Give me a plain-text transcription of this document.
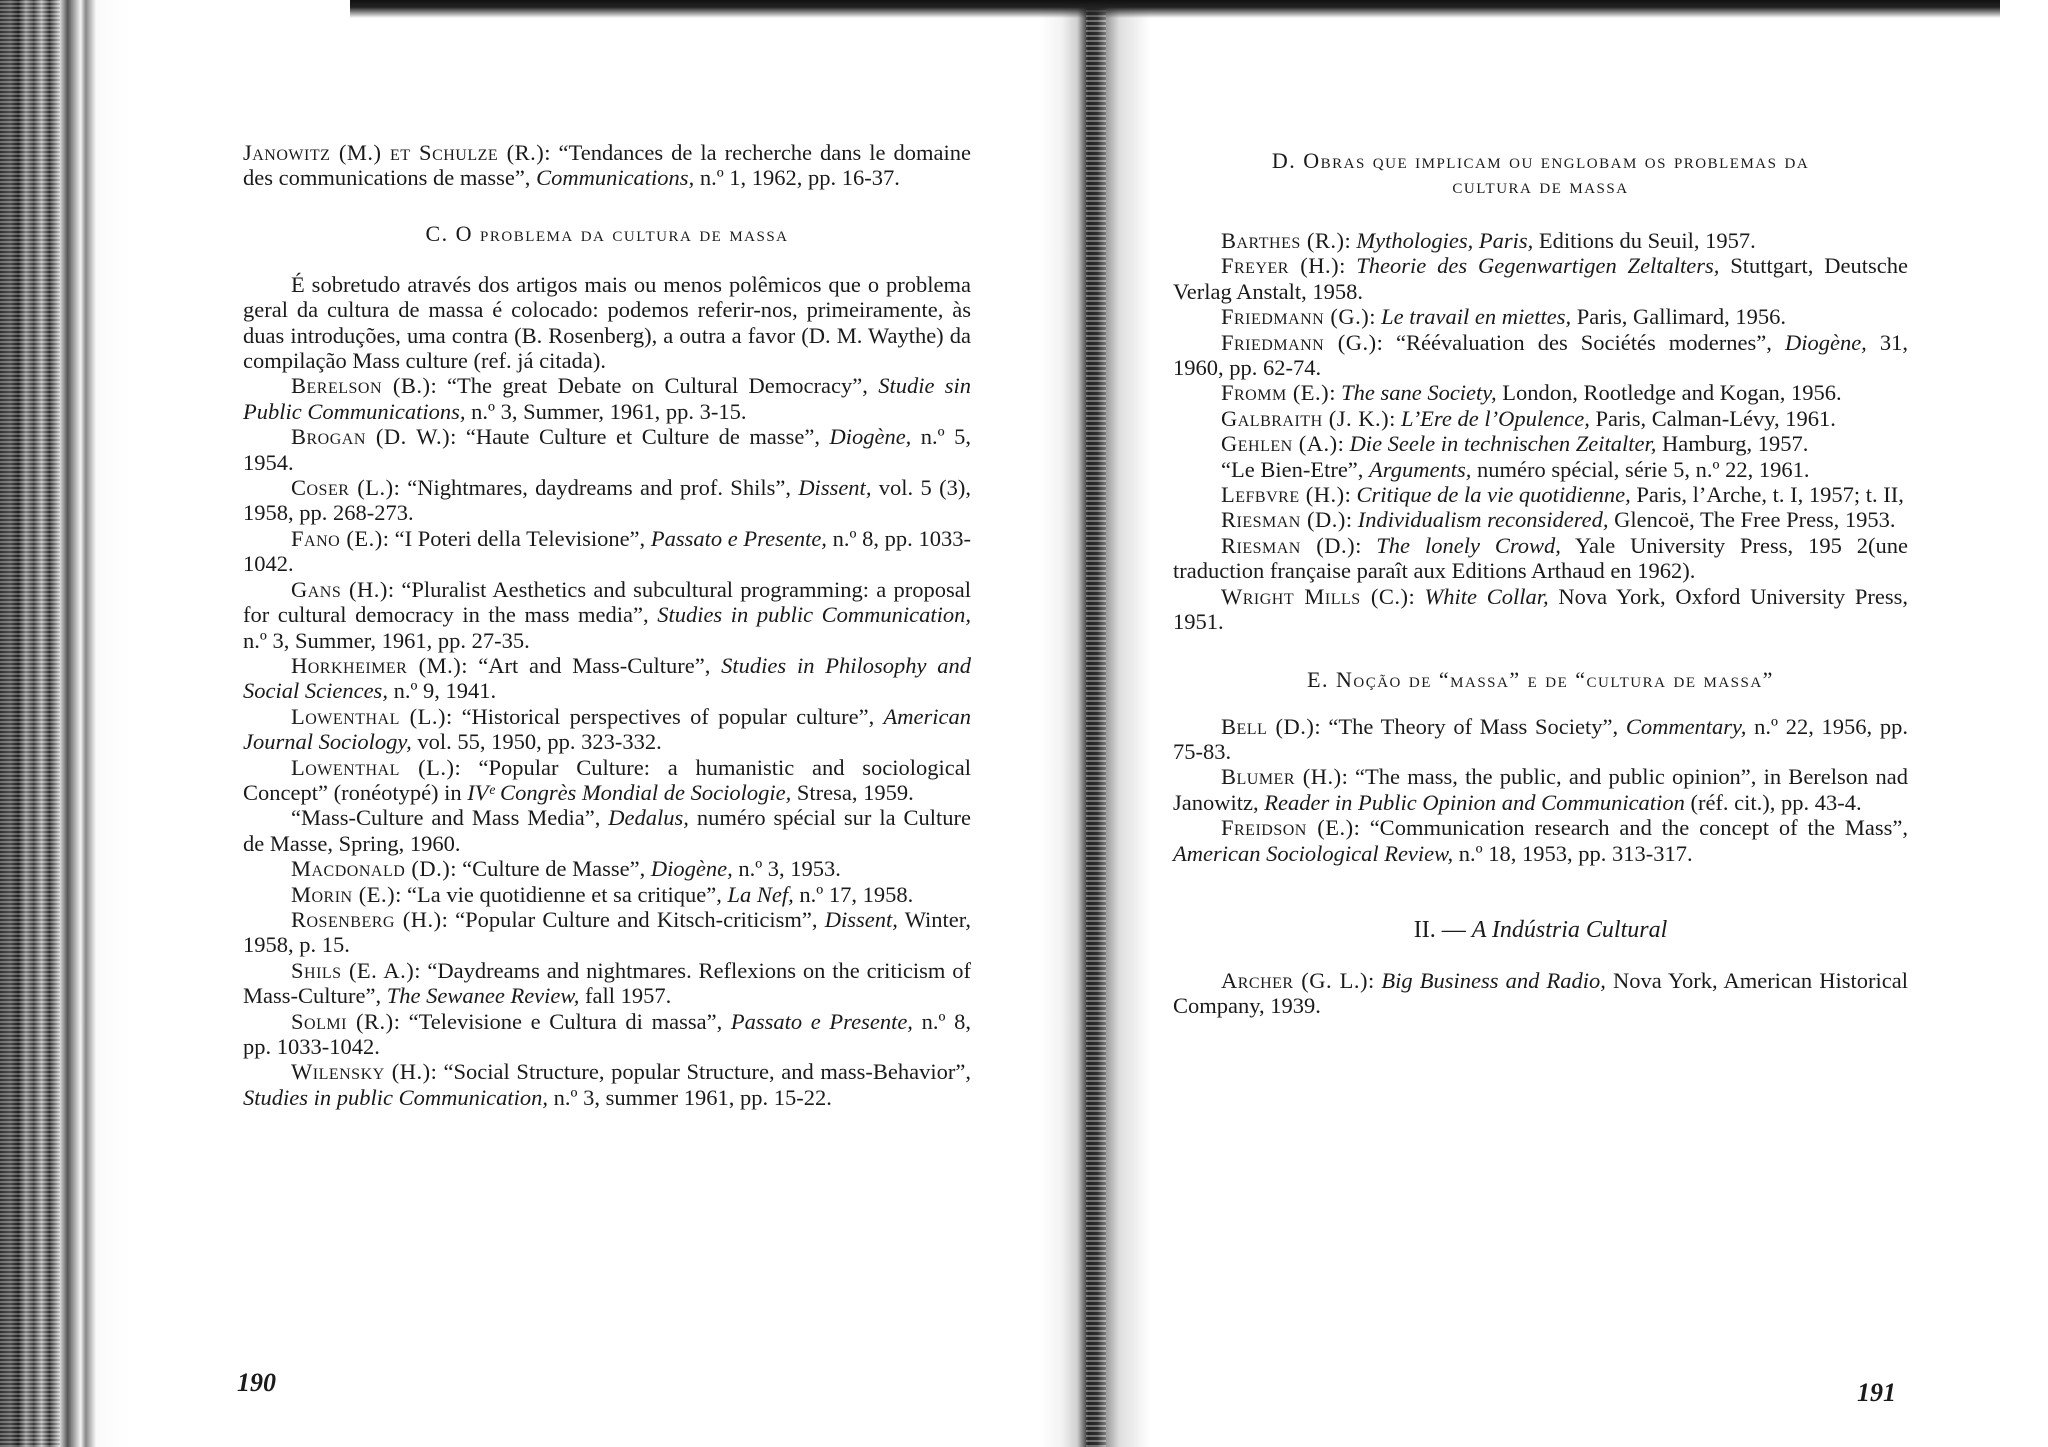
Janowitz (M.) et Schulze (R.): “Tendances de la recherche dans le domaine des communications de masse”, Communications, n.º 1, 1962, pp. 16-37.

C. O problema da cultura de massa

É sobretudo através dos artigos mais ou menos polêmicos que o problema geral da cultura de massa é colocado: podemos referir-nos, primeiramente, às duas introduções, uma contra (B. Rosenberg), a outra a favor (D. M. Waythe) da compilação Mass culture (ref. já citada).

Berelson (B.): “The great Debate on Cultural Democracy”, Studie sin Public Communications, n.º 3, Summer, 1961, pp. 3-15.

Brogan (D. W.): “Haute Culture et Culture de masse”, Diogène, n.º 5, 1954.

Coser (L.): “Nightmares, daydreams and prof. Shils”, Dissent, vol. 5 (3), 1958, pp. 268-273.

Fano (E.): “I Poteri della Televisione”, Passato e Presente, n.º 8, pp. 1033-1042.

Gans (H.): “Pluralist Aesthetics and subcultural programming: a proposal for cultural democracy in the mass media”, Studies in public Communication, n.º 3, Summer, 1961, pp. 27-35.

Horkheimer (M.): “Art and Mass-Culture”, Studies in Philosophy and Social Sciences, n.º 9, 1941.

Lowenthal (L.): “Historical perspectives of popular culture”, American Journal Sociology, vol. 55, 1950, pp. 323-332.

Lowenthal (L.): “Popular Culture: a humanistic and sociological Concept” (ronéotypé) in IVᵉ Congrès Mondial de Sociologie, Stresa, 1959.

“Mass-Culture and Mass Media”, Dedalus, numéro spécial sur la Culture de Masse, Spring, 1960.

Macdonald (D.): “Culture de Masse”, Diogène, n.º 3, 1953.

Morin (E.): “La vie quotidienne et sa critique”, La Nef, n.º 17, 1958.

Rosenberg (H.): “Popular Culture and Kitsch-criticism”, Dissent, Winter, 1958, p. 15.

Shils (E. A.): “Daydreams and nightmares. Reflexions on the criticism of Mass-Culture”, The Sewanee Review, fall 1957.

Solmi (R.): “Televisione e Cultura di massa”, Passato e Presente, n.º 8, pp. 1033-1042.

Wilensky (H.): “Social Structure, popular Structure, and mass-Behavior”, Studies in public Communication, n.º 3, summer 1961, pp. 15-22.

190

D. Obras que implicam ou englobam os problemas da

cultura de massa

Barthes (R.): Mythologies, Paris, Editions du Seuil, 1957.

Freyer (H.): Theorie des Gegenwartigen Zeltalters, Stuttgart, Deutsche Verlag Anstalt, 1958.

Friedmann (G.): Le travail en miettes, Paris, Gallimard, 1956.

Friedmann (G.): “Réévaluation des Sociétés modernes”, Diogène, 31, 1960, pp. 62-74.

Fromm (E.): The sane Society, London, Rootledge and Kogan, 1956.

Galbraith (J. K.): L’Ere de l’Opulence, Paris, Calman-Lévy, 1961.

Gehlen (A.): Die Seele in technischen Zeitalter, Hamburg, 1957.

“Le Bien-Etre”, Arguments, numéro spécial, série 5, n.º 22, 1961.

Lefbvre (H.): Critique de la vie quotidienne, Paris, l’Arche, t. I, 1957; t. II,

Riesman (D.): Individualism reconsidered, Glencoë, The Free Press, 1953.

Riesman (D.): The lonely Crowd, Yale University Press, 195 2(une traduction française paraît aux Editions Arthaud en 1962).

Wright Mills (C.): White Collar, Nova York, Oxford University Press, 1951.

E. Noção de “massa” e de “cultura de massa”

Bell (D.): “The Theory of Mass Society”, Commentary, n.º 22, 1956, pp. 75-83.

Blumer (H.): “The mass, the public, and public opinion”, in Berelson nad Janowitz, Reader in Public Opinion and Communication (réf. cit.), pp. 43-4.

Freidson (E.): “Communication research and the concept of the Mass”, American Sociological Review, n.º 18, 1953, pp. 313-317.

II. — A Indústria Cultural

Archer (G. L.): Big Business and Radio, Nova York, American Historical Company, 1939.

191
